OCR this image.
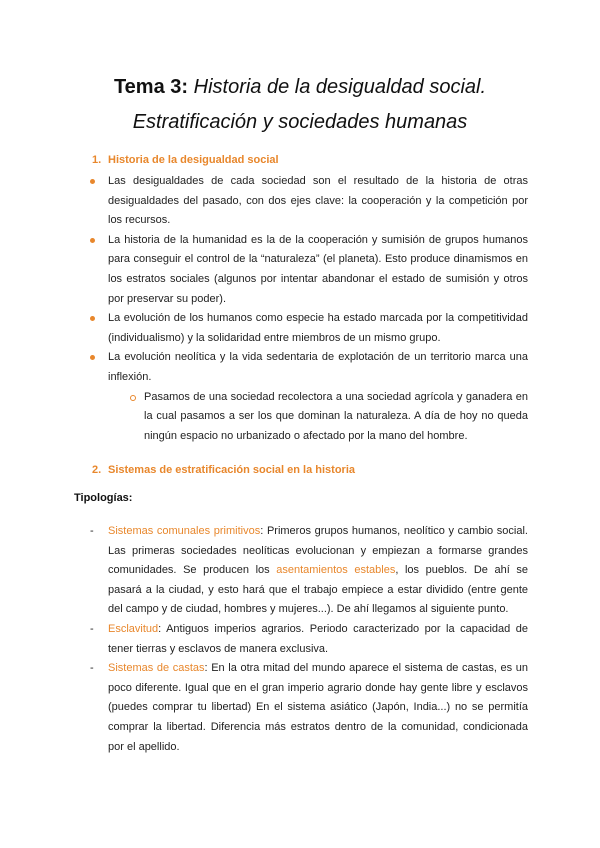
Tema 3: Historia de la desigualdad social.
Estratificación y sociedades humanas
1. Historia de la desigualdad social
Las desigualdades de cada sociedad son el resultado de la historia de otras desigualdades del pasado, con dos ejes clave: la cooperación y la competición por los recursos.
La historia de la humanidad es la de la cooperación y sumisión de grupos humanos para conseguir el control de la “naturaleza” (el planeta). Esto produce dinamismos en los estratos sociales (algunos por intentar abandonar el estado de sumisión y otros por preservar su poder).
La evolución de los humanos como especie ha estado marcada por la competitividad (individualismo) y la solidaridad entre miembros de un mismo grupo.
La evolución neolítica y la vida sedentaria de explotación de un territorio marca una inflexión.
Pasamos de una sociedad recolectora a una sociedad agrícola y ganadera en la cual pasamos a ser los que dominan la naturaleza. A día de hoy no queda ningún espacio no urbanizado o afectado por la mano del hombre.
2. Sistemas de estratificación social en la historia

Tipologías:

- Sistemas comunales primitivos: Primeros grupos humanos, neolítico y cambio social. Las primeras sociedades neolíticas evolucionan y empiezan a formarse grandes comunidades. Se producen los asentamientos estables, los pueblos. De ahí se pasará a la ciudad, y esto hará que el trabajo empiece a estar dividido (entre gente del campo y de ciudad, hombres y mujeres...). De ahí llegamos al siguiente punto.
- Esclavitud: Antiguos imperios agrarios. Periodo caracterizado por la capacidad de tener tierras y esclavos de manera exclusiva.
- Sistemas de castas: En la otra mitad del mundo aparece el sistema de castas, es un poco diferente. Igual que en el gran imperio agrario donde hay gente libre y esclavos (puedes comprar tu libertad) En el sistema asiático (Japón, India...) no se permitía comprar la libertad. Diferencia más estratos dentro de la comunidad, condicionada por el apellido.
